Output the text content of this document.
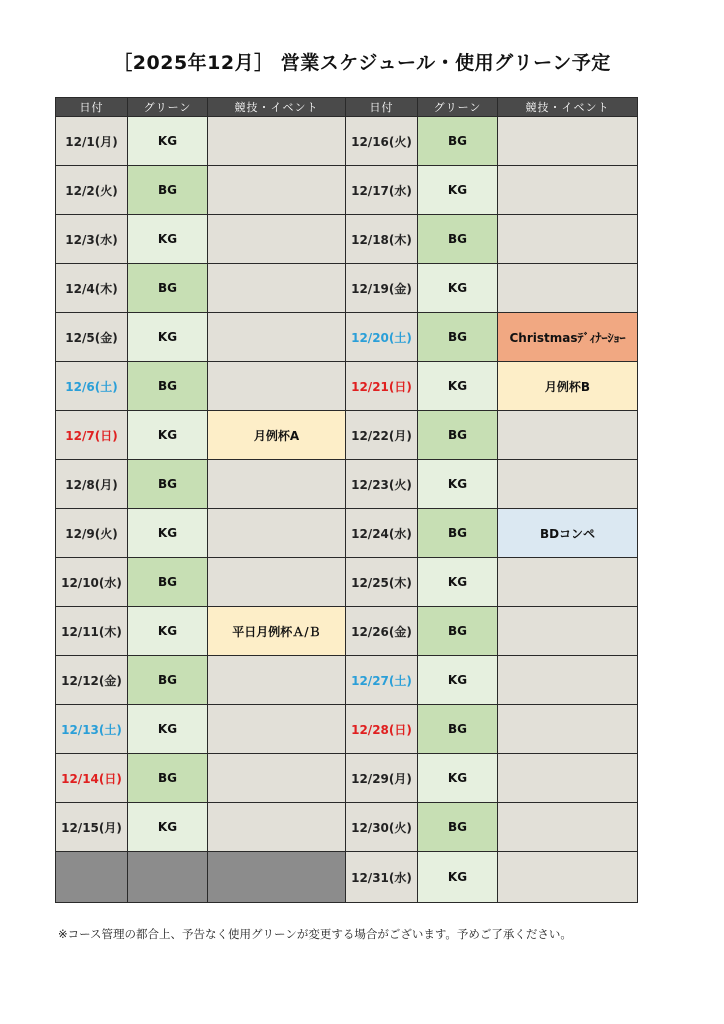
［2025年12月］ 営業スケジュール・使用グリーン予定
日付	グリーン	競技・イベント	日付	グリーン	競技・イベント
12/1(月)	KG		12/16(火)	BG	
12/2(火)	BG		12/17(水)	KG	
12/3(水)	KG		12/18(木)	BG	
12/4(木)	BG		12/19(金)	KG	
12/5(金)	KG		12/20(土)	BG	Christmasﾃﾞｨﾅｰｼｮｰ
12/6(土)	BG		12/21(日)	KG	月例杯B
12/7(日)	KG	月例杯A	12/22(月)	BG	
12/8(月)	BG		12/23(火)	KG	
12/9(火)	KG		12/24(水)	BG	BDコンペ
12/10(水)	BG		12/25(木)	KG	
12/11(木)	KG	平日月例杯Ａ/Ｂ	12/26(金)	BG	
12/12(金)	BG		12/27(土)	KG	
12/13(土)	KG		12/28(日)	BG	
12/14(日)	BG		12/29(月)	KG	
12/15(月)	KG		12/30(火)	BG	
			12/31(水)	KG	
※コース管理の都合上、予告なく使用グリーンが変更する場合がございます。予めご了承ください。
